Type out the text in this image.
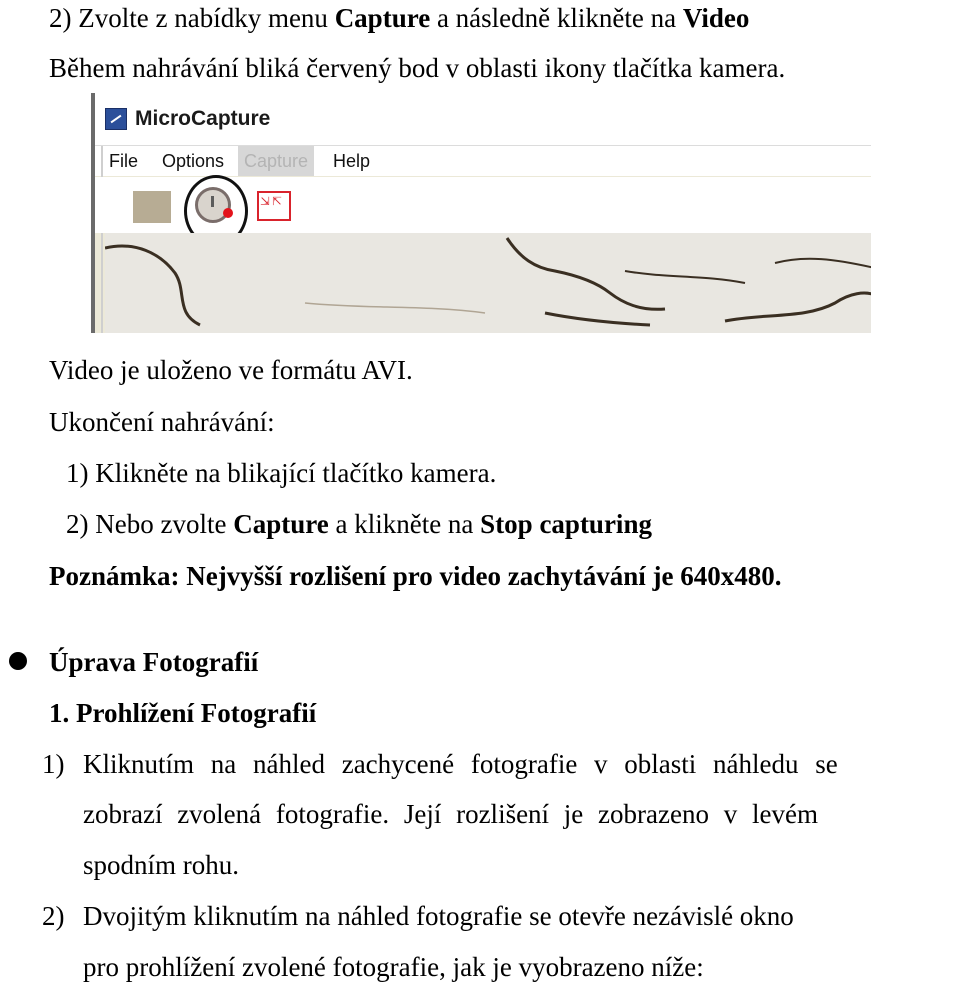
2) Zvolte z nabídky menu Capture a následně klikněte na Video
Během nahrávání bliká červený bod v oblasti ikony tlačítka kamera.
MicroCapture
File	Options	Capture	Help
⇲⇱
Video je uloženo ve formátu AVI.
Ukončení nahrávání:
1) Klikněte na blikající tlačítko kamera.
2) Nebo zvolte Capture a klikněte na Stop capturing
Poznámka: Nejvyšší rozlišení pro video zachytávání je 640x480.
Úprava Fotografií
1. Prohlížení Fotografií
1) Kliknutím na náhled zachycené fotografie v oblasti náhledu se
zobrazí zvolená fotografie. Její rozlišení je zobrazeno v levém
spodním rohu.
2) Dvojitým kliknutím na náhled fotografie se otevře nezávislé okno
pro prohlížení zvolené fotografie, jak je vyobrazeno níže:
